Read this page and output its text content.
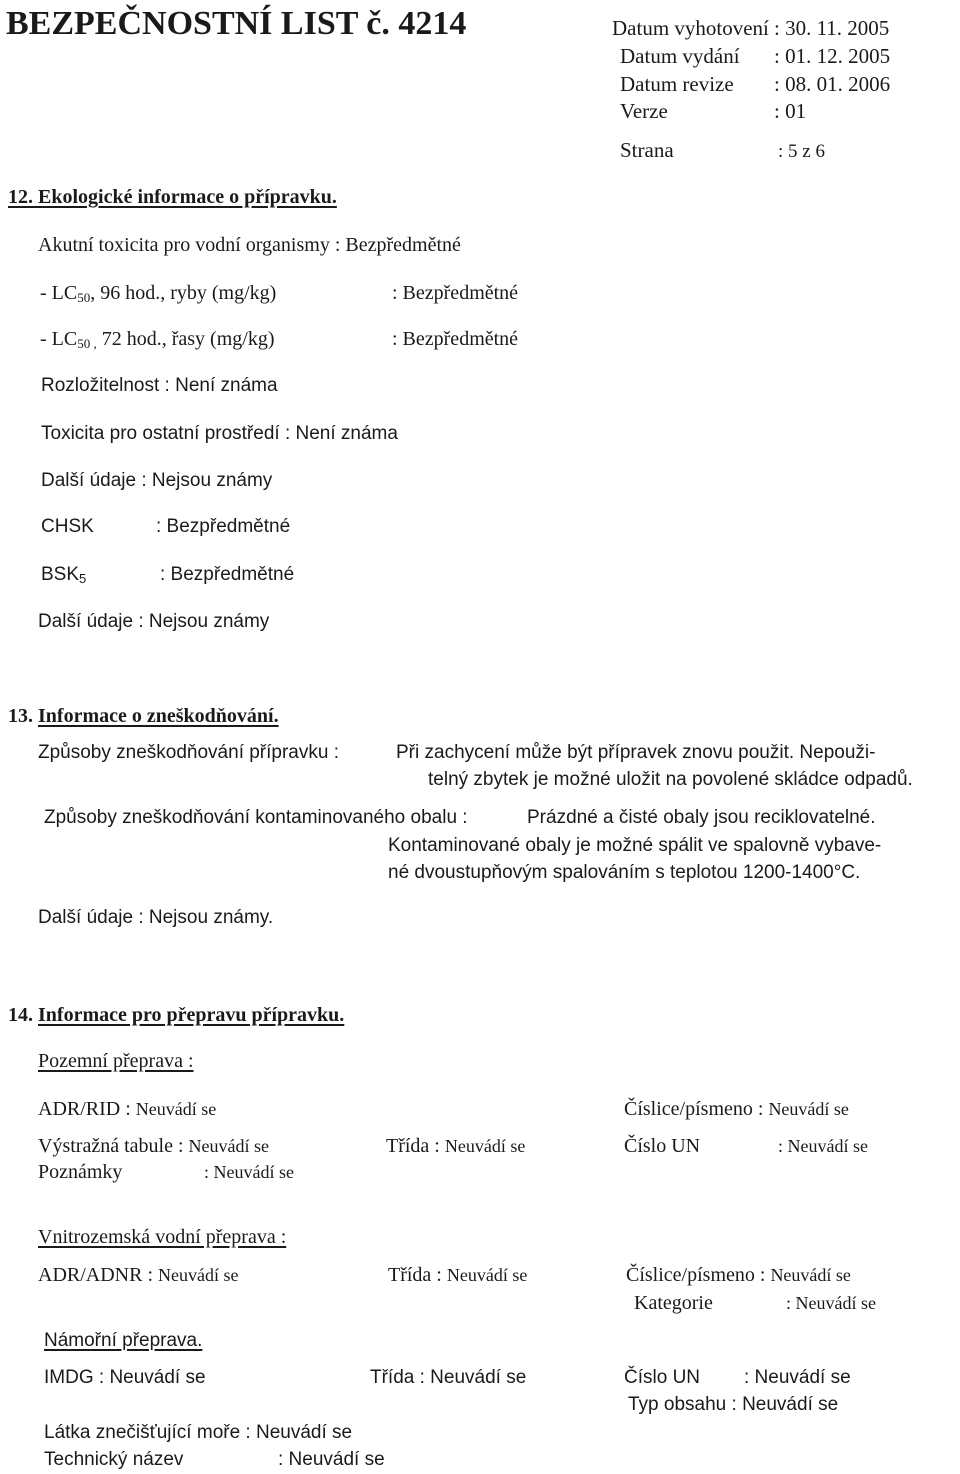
BEZPEČNOSTNÍ LIST č. 4214	Datum vyhotovení : 30. 11. 2005
Datum vydání : 01. 12. 2005
Datum revize : 08. 01. 2006
Verze	: 01
Strana	: 5 z 6
12. Ekologické informace o přípravku.
Akutní toxicita pro vodní organismy : Bezpředmětné
- $LC_{50}$, 96 hod., ryby (mg/kg)	: Bezpředmětné
- $LC_{50 ,}$ 72 hod., řasy (mg/kg)	: Bezpředmětné
Rozložitelnost : Není známa
Toxicita pro ostatní prostředí : Není známa
Další údaje : Nejsou známy
CHSK	: Bezpředmětné
$BSK_5$	: Bezpředmětné
Další údaje : Nejsou známy
13. Informace o zneškodňování.
Způsoby zneškodňování přípravku :	Při zachycení může být přípravek znovu použit. Nepouži-
telný zbytek je možné uložit na povolené skládce odpadů.
Způsoby zneškodňování kontaminovaného obalu :	Prázdné a čisté obaly jsou reciklovatelné.
Kontaminované obaly je možné spálit ve spalovně vybave-
né dvoustupňovým spalováním s teplotou 1200-1400°C.
Další údaje : Nejsou známy.
14. Informace pro přepravu přípravku.
Pozemní přeprava :
ADR/RID : Neuvádí se	Číslice/písmeno : Neuvádí se
Výstražná tabule : Neuvádí se	Třída : Neuvádí se	Číslo UN	: Neuvádí se
Poznámky	: Neuvádí se
Vnitrozemská vodní přeprava :
ADR/ADNR : Neuvádí se	Třída : Neuvádí se	Číslice/písmeno : Neuvádí se
Kategorie	: Neuvádí se
Námořní přeprava.
IMDG : Neuvádí se	Třída : Neuvádí se	Číslo UN : Neuvádí se
Typ obsahu : Neuvádí se
Látka znečišťující moře : Neuvádí se
Technický název	: Neuvádí se
